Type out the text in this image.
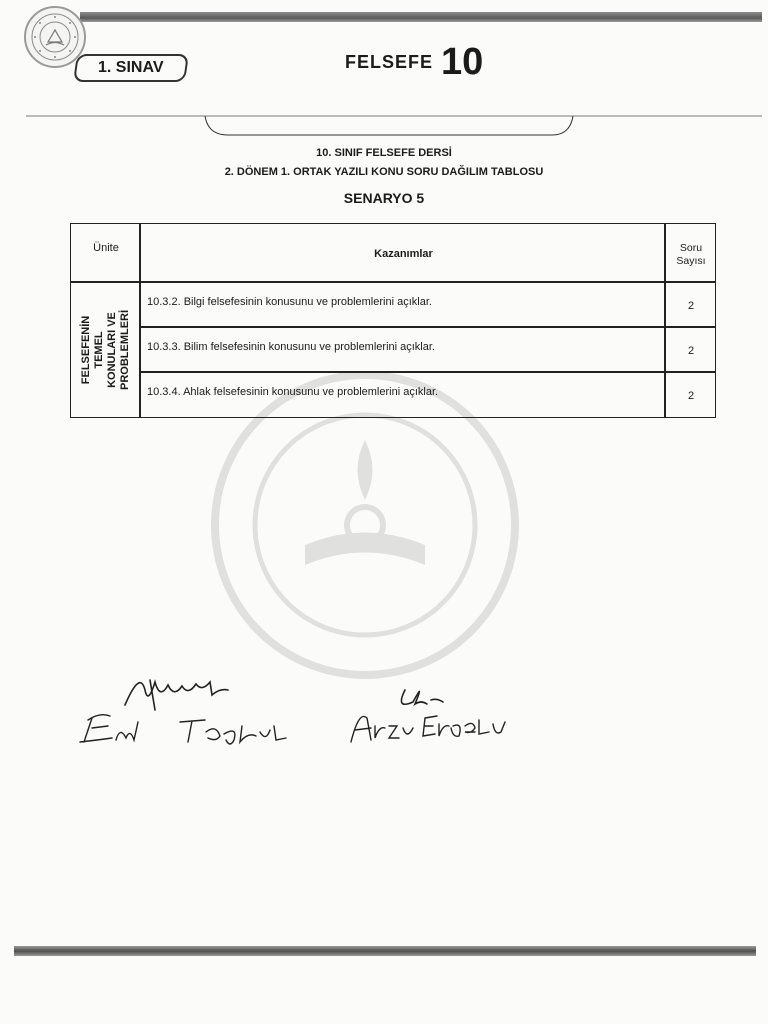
1. SINAV	FELSEFE 10
10. SINIF FELSEFE DERSİ
2. DÖNEM 1. ORTAK YAZILI KONU SORU DAĞILIM TABLOSU
SENARYO 5
Ünite	Kazanımlar	Soru Sayısı
FELSEFENİN TEMEL KONULARI VE PROBLEMLERİ
10.3.2. Bilgi felsefesinin konusunu ve problemlerini açıklar.	2
10.3.3. Bilim felsefesinin konusunu ve problemlerini açıklar.	2
10.3.4. Ahlak felsefesinin konusunu ve problemlerini açıklar.	2
